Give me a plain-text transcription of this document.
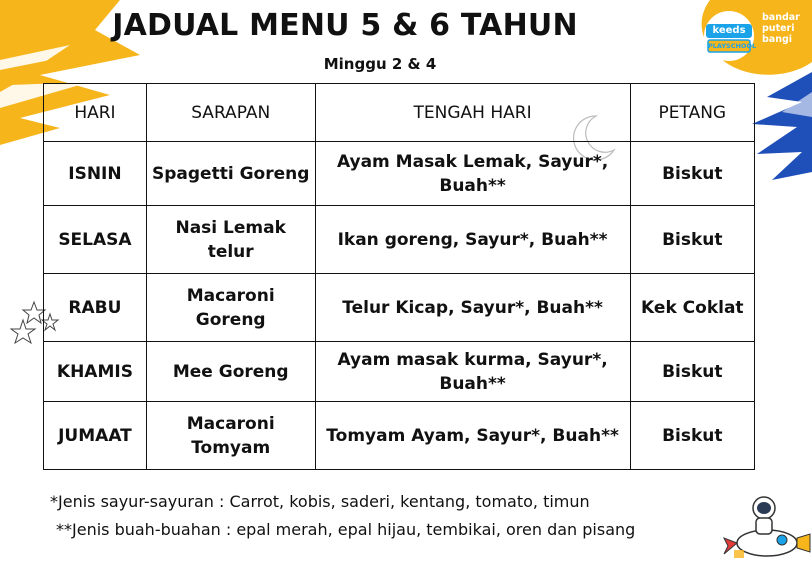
keeds
PLAYSCHOOL
bandar
puteri
bangi
JADUAL MENU 5 & 6 TAHUN
Minggu 2 & 4
HARI	SARAPAN	TENGAH HARI	PETANG
ISNIN	Spagetti Goreng	Ayam Masak Lemak, Sayur*, Buah**	Biskut
SELASA	Nasi Lemak telur	Ikan goreng, Sayur*, Buah**	Biskut
RABU	Macaroni Goreng	Telur Kicap, Sayur*, Buah**	Kek Coklat
KHAMIS	Mee Goreng	Ayam masak kurma, Sayur*, Buah**	Biskut
JUMAAT	Macaroni Tomyam	Tomyam Ayam, Sayur*, Buah**	Biskut
*Jenis sayur-sayuran : Carrot, kobis, saderi, kentang, tomato, timun
**Jenis buah-buahan : epal merah, epal hijau, tembikai, oren dan pisang
